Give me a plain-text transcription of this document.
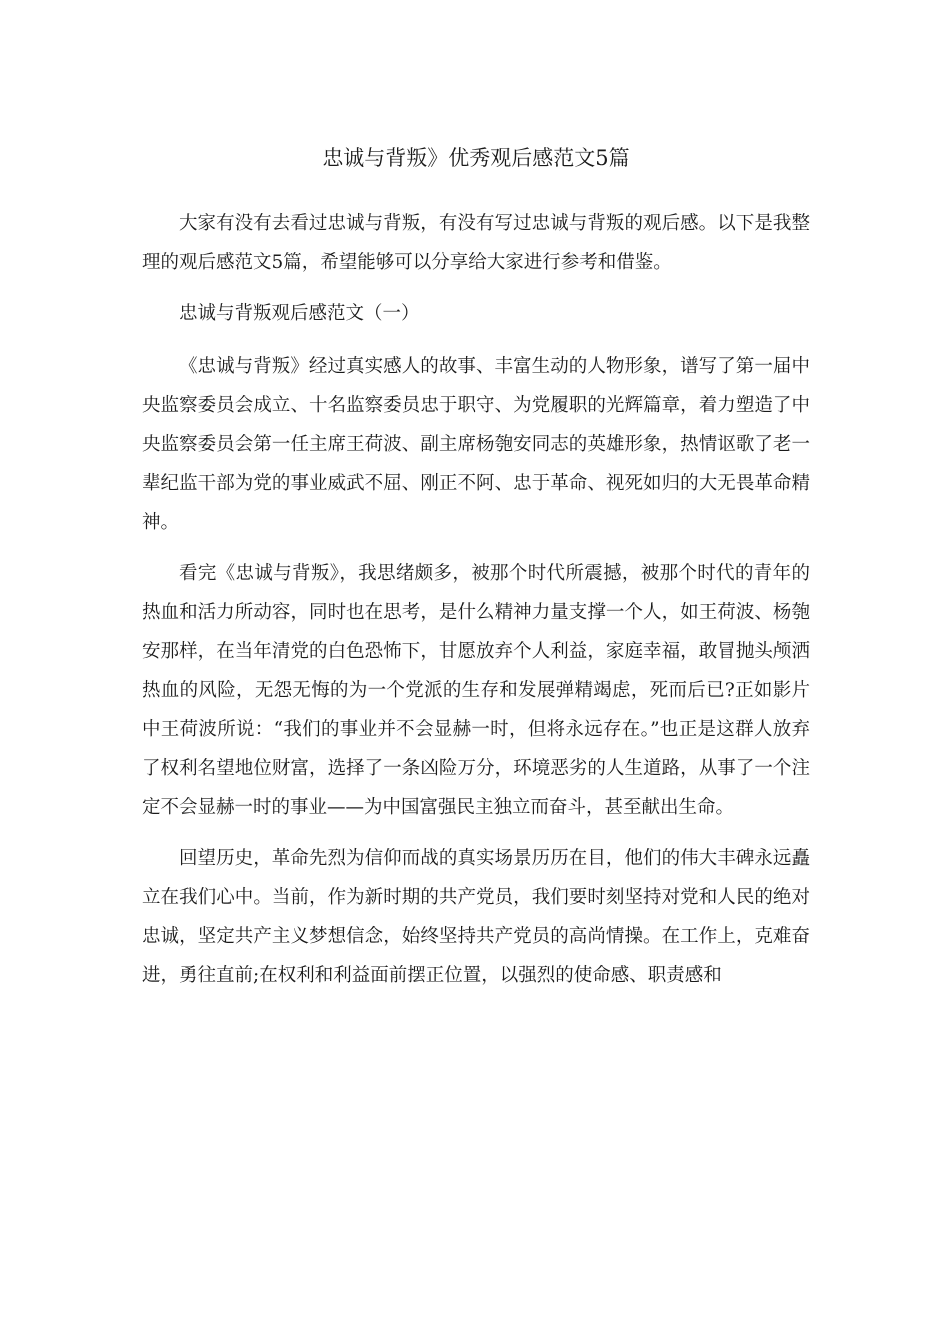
忠诚与背叛》优秀观后感范文5篇

大家有没有去看过忠诚与背叛，有没有写过忠诚与背叛的观后感。以下是我整理的观后感范文5篇，希望能够可以分享给大家进行参考和借鉴。

忠诚与背叛观后感范文（一）

《忠诚与背叛》经过真实感人的故事、丰富生动的人物形象，谱写了第一届中央监察委员会成立、十名监察委员忠于职守、为党履职的光辉篇章，着力塑造了中央监察委员会第一任主席王荷波、副主席杨匏安同志的英雄形象，热情讴歌了老一辈纪监干部为党的事业威武不屈、刚正不阿、忠于革命、视死如归的大无畏革命精神。

看完《忠诚与背叛》，我思绪颇多，被那个时代所震撼，被那个时代的青年的热血和活力所动容，同时也在思考，是什么精神力量支撑一个人，如王荷波、杨匏安那样，在当年清党的白色恐怖下，甘愿放弃个人利益，家庭幸福，敢冒抛头颅洒热血的风险，无怨无悔的为一个党派的生存和发展弹精竭虑，死而后已?正如影片中王荷波所说：“我们的事业并不会显赫一时，但将永远存在。”也正是这群人放弃了权利名望地位财富，选择了一条凶险万分，环境恶劣的人生道路，从事了一个注定不会显赫一时的事业——为中国富强民主独立而奋斗，甚至献出生命。

回望历史，革命先烈为信仰而战的真实场景历历在目，他们的伟大丰碑永远矗立在我们心中。当前，作为新时期的共产党员，我们要时刻坚持对党和人民的绝对忠诚，坚定共产主义梦想信念，始终坚持共产党员的高尚情操。在工作上，克难奋进，勇往直前;在权利和利益面前摆正位置，以强烈的使命感、职责感和
